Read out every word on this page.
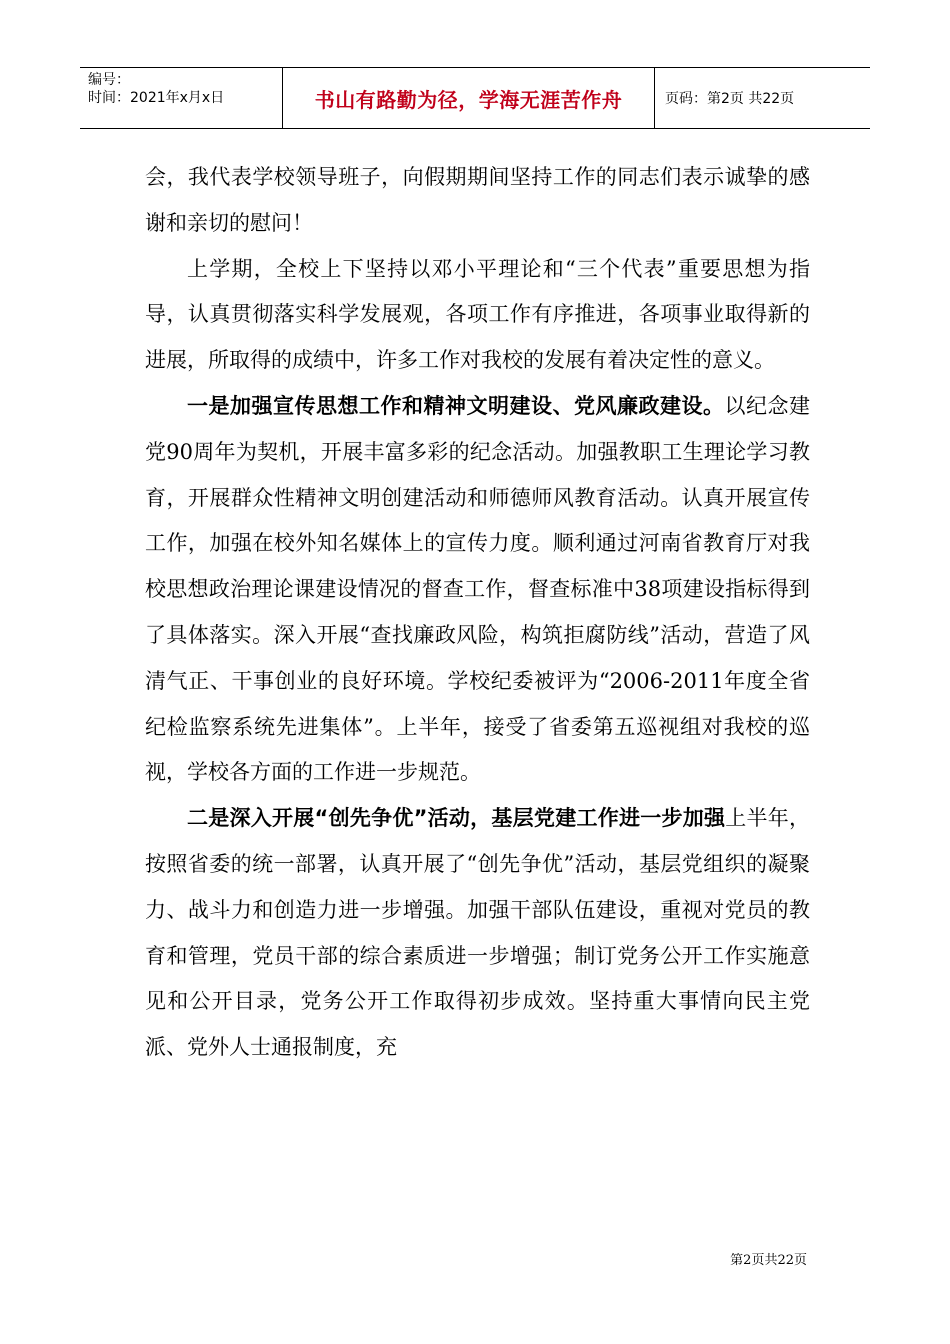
编号：
时间：2021年x月x日	书山有路勤为径，学海无涯苦作舟	页码：第2页 共22页

会，我代表学校领导班子，向假期期间坚持工作的同志们表示诚挚的感谢和亲切的慰问！

上学期，全校上下坚持以邓小平理论和“三个代表”重要思想为指导，认真贯彻落实科学发展观，各项工作有序推进，各项事业取得新的进展，所取得的成绩中，许多工作对我校的发展有着决定性的意义。

一是加强宣传思想工作和精神文明建设、党风廉政建设。以纪念建党90周年为契机，开展丰富多彩的纪念活动。加强教职工生理论学习教育，开展群众性精神文明创建活动和师德师风教育活动。认真开展宣传工作，加强在校外知名媒体上的宣传力度。顺利通过河南省教育厅对我校思想政治理论课建设情况的督查工作，督查标准中38项建设指标得到了具体落实。深入开展“查找廉政风险，构筑拒腐防线”活动，营造了风清气正、干事创业的良好环境。学校纪委被评为“2006-2011年度全省纪检监察系统先进集体”。上半年，接受了省委第五巡视组对我校的巡视，学校各方面的工作进一步规范。

二是深入开展“创先争优”活动，基层党建工作进一步加强上半年，按照省委的统一部署，认真开展了“创先争优”活动，基层党组织的凝聚力、战斗力和创造力进一步增强。加强干部队伍建设，重视对党员的教育和管理，党员干部的综合素质进一步增强；制订党务公开工作实施意见和公开目录，党务公开工作取得初步成效。坚持重大事情向民主党派、党外人士通报制度，充

第2页共22页
